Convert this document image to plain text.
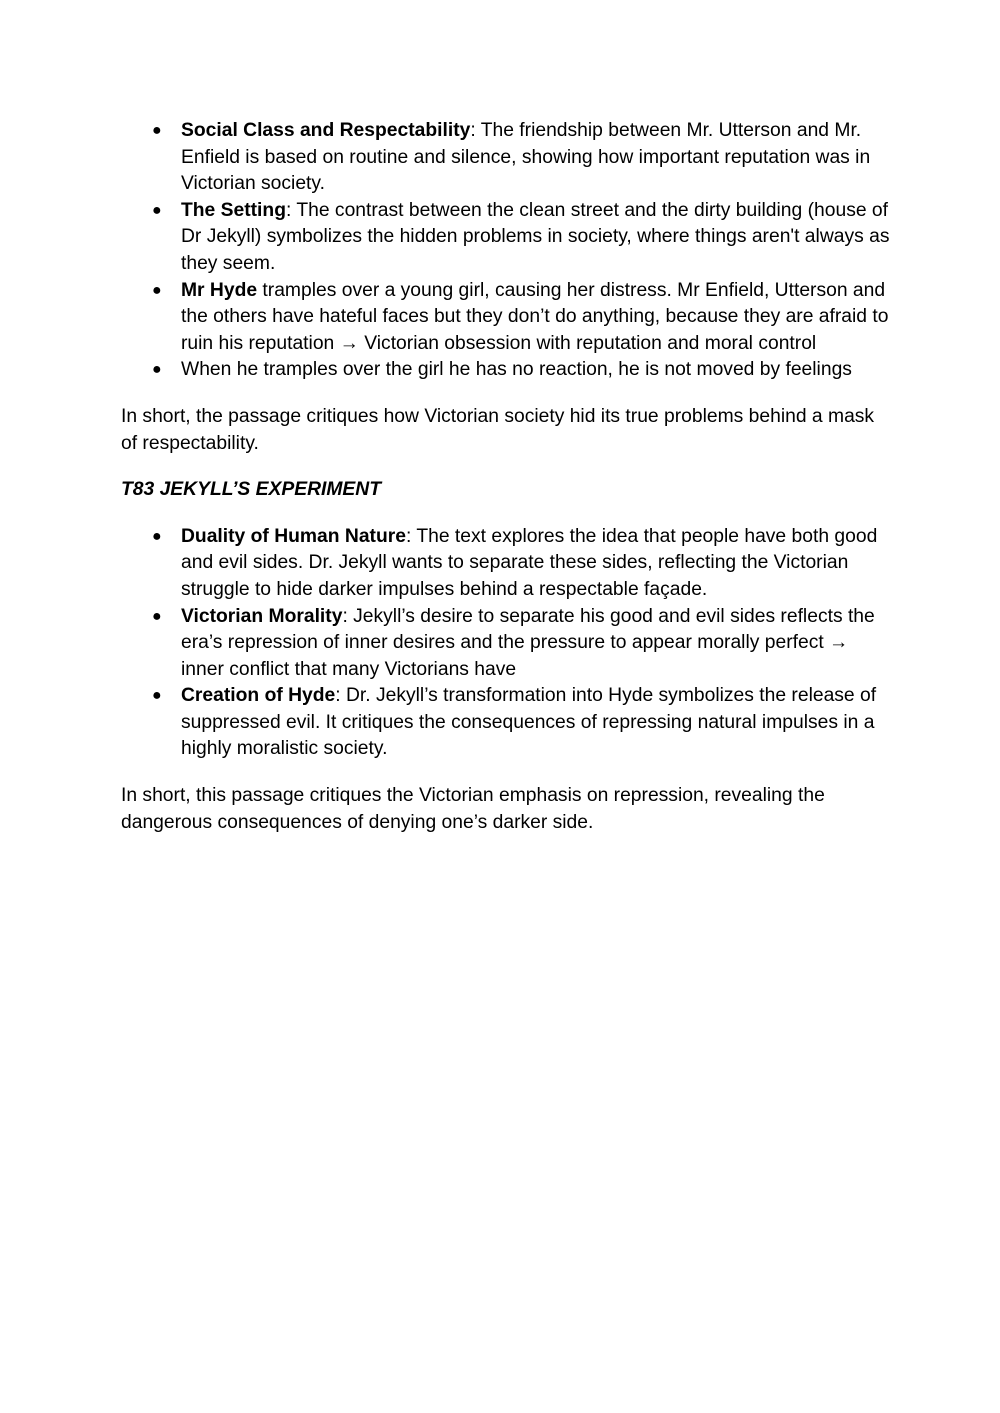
● Social Class and Respectability: The friendship between Mr. Utterson and Mr. Enfield is based on routine and silence, showing how important reputation was in Victorian society.
● The Setting: The contrast between the clean street and the dirty building (house of Dr Jekyll) symbolizes the hidden problems in society, where things aren't always as they seem.
● Mr Hyde tramples over a young girl, causing her distress. Mr Enfield, Utterson and the others have hateful faces but they don’t do anything, because they are afraid to ruin his reputation → Victorian obsession with reputation and moral control
● When he tramples over the girl he has no reaction, he is not moved by feelings

In short, the passage critiques how Victorian society hid its true problems behind a mask of respectability.

T83 JEKYLL’S EXPERIMENT
● Duality of Human Nature: The text explores the idea that people have both good and evil sides. Dr. Jekyll wants to separate these sides, reflecting the Victorian struggle to hide darker impulses behind a respectable façade.
● Victorian Morality: Jekyll’s desire to separate his good and evil sides reflects the era’s repression of inner desires and the pressure to appear morally perfect → inner conflict that many Victorians have
● Creation of Hyde: Dr. Jekyll’s transformation into Hyde symbolizes the release of suppressed evil. It critiques the consequences of repressing natural impulses in a highly moralistic society.

In short, this passage critiques the Victorian emphasis on repression, revealing the dangerous consequences of denying one’s darker side.
